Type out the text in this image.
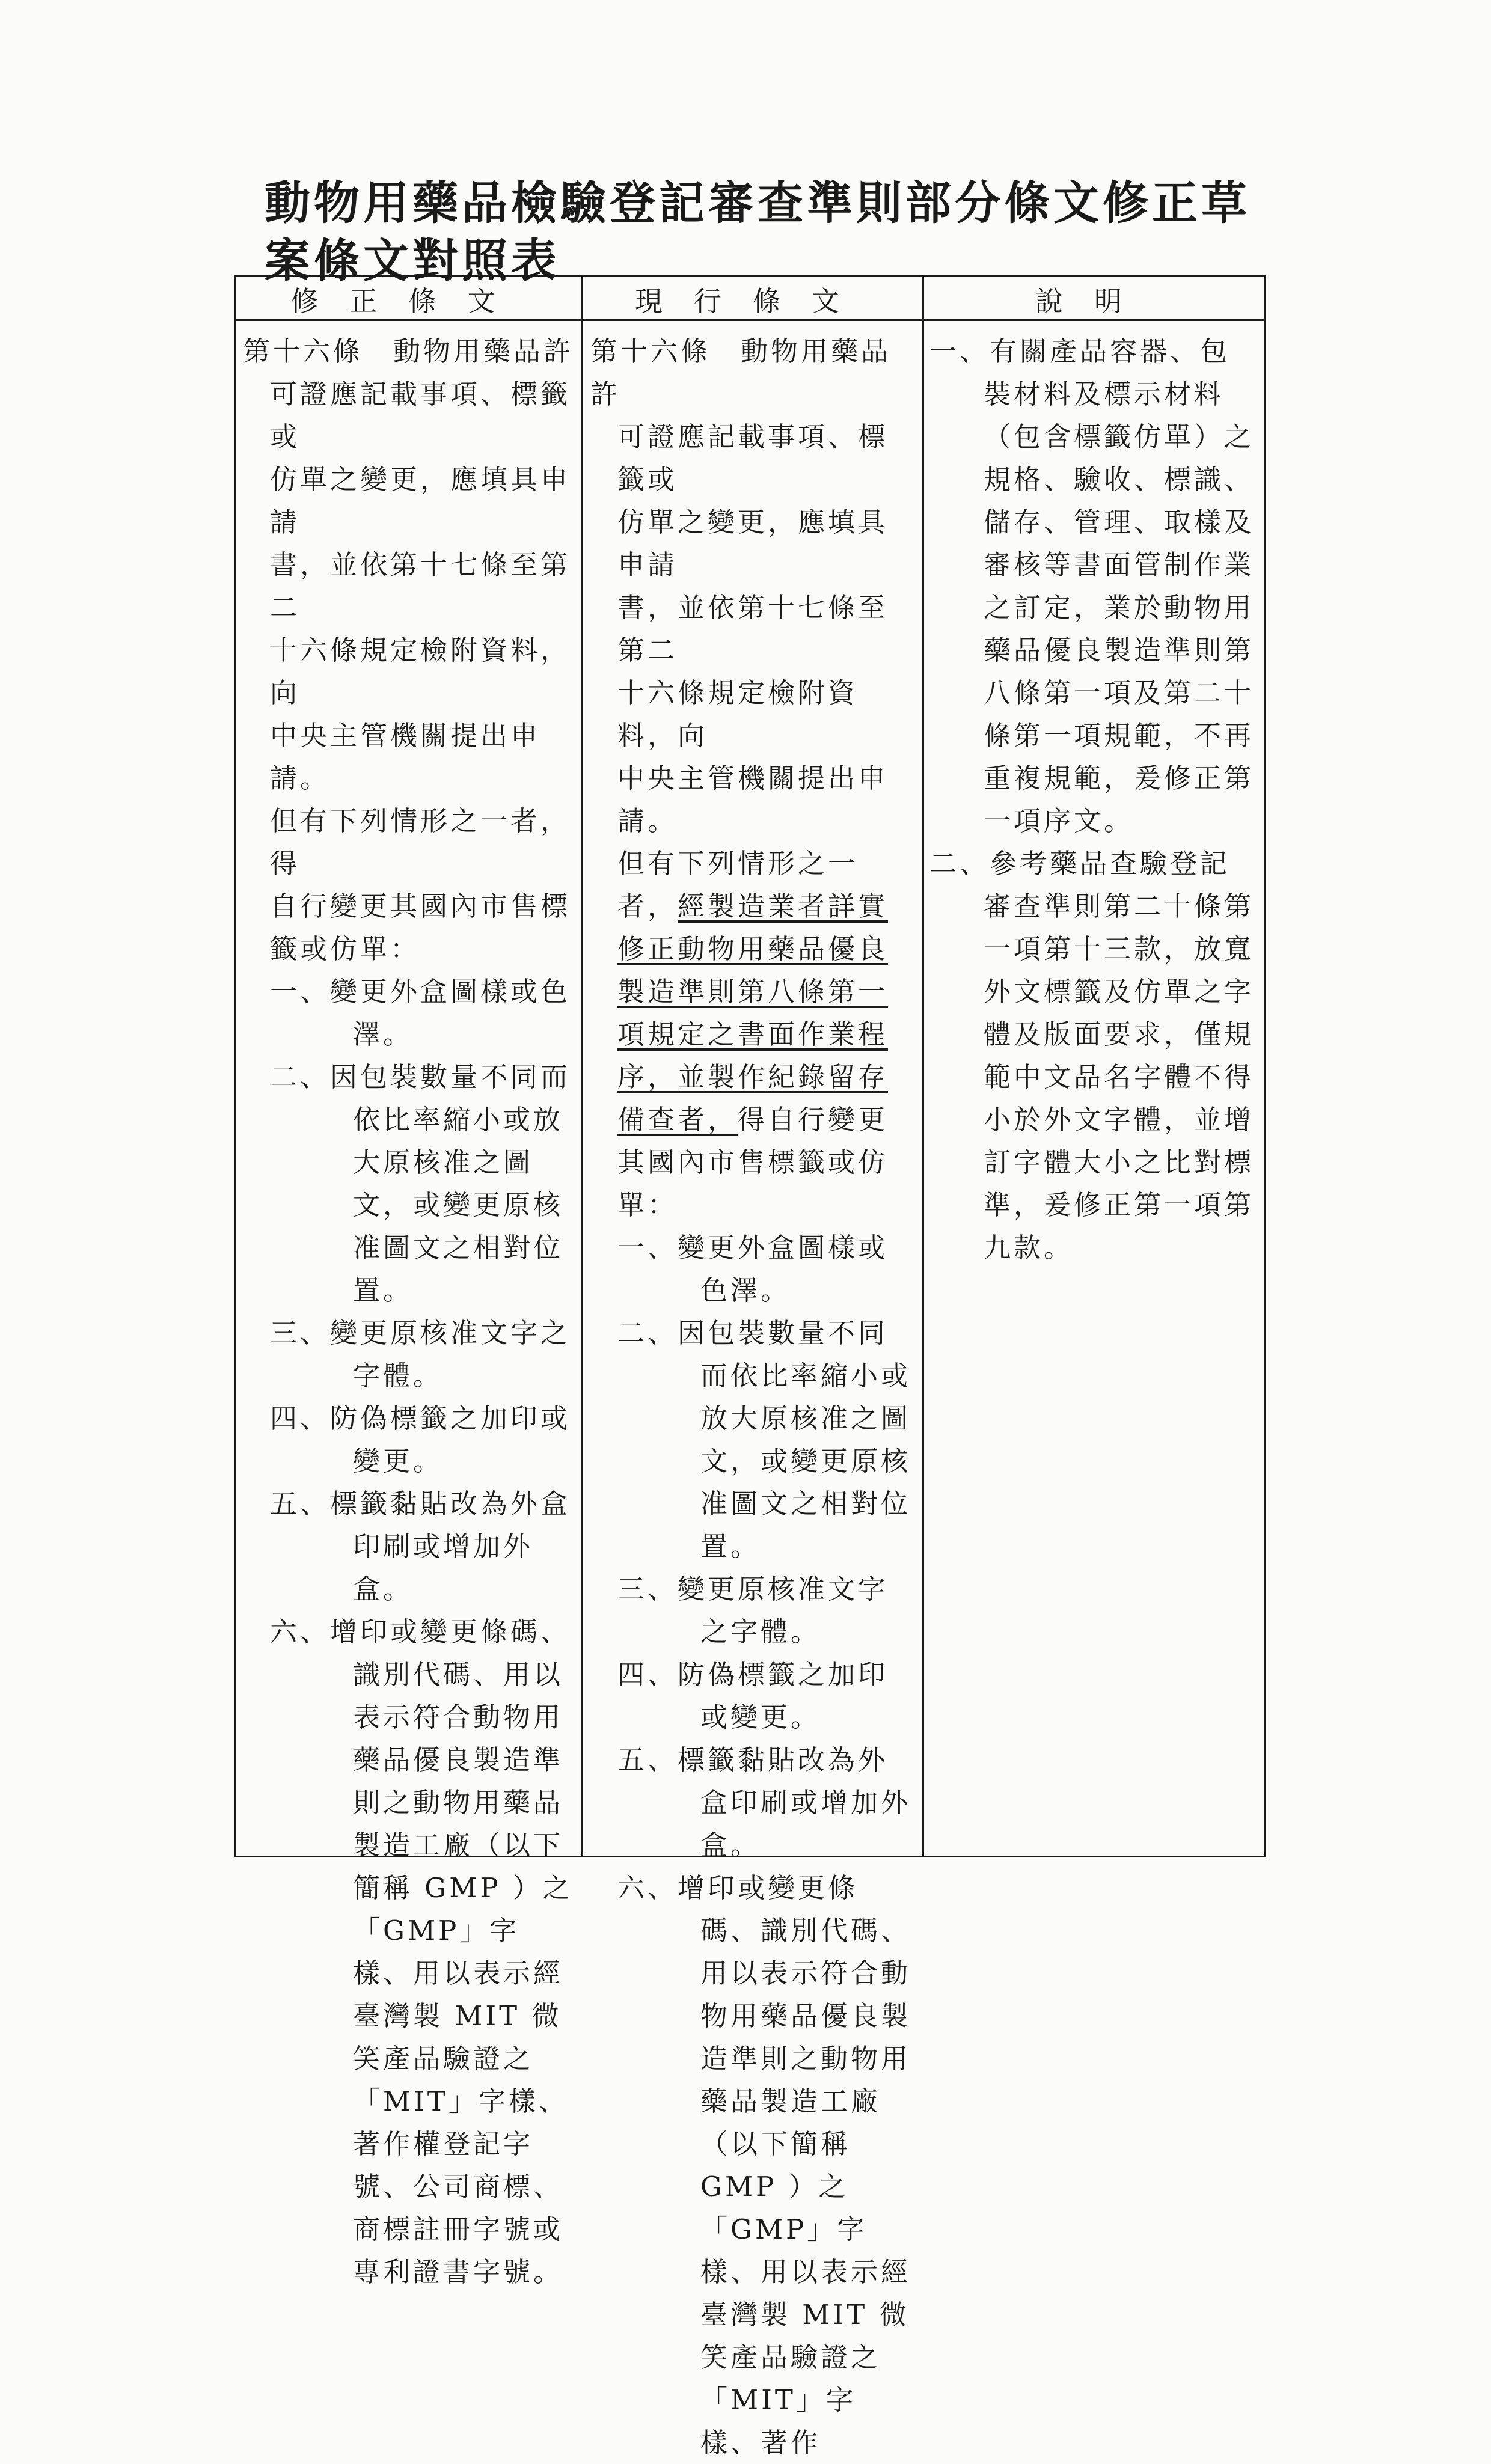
動物用藥品檢驗登記審查準則部分條文修正草
案條文對照表
修正條文	現行條文	說明

第十六條　動物用藥品許

可證應記載事項、標籤或

仿單之變更，應填具申請

書，並依第十七條至第二

十六條規定檢附資料，向

中央主管機關提出申請。

但有下列情形之一者，得

自行變更其國內市售標

籤或仿單：

一、變更外盒圖樣或色澤。

二、因包裝數量不同而依比率縮小或放大原核准之圖文，或變更原核准圖文之相對位置。

三、變更原核准文字之字體。

四、防偽標籤之加印或變更。

五、標籤黏貼改為外盒印刷或增加外盒。

六、增印或變更條碼、識別代碼、用以表示符合動物用藥品優良製造準則之動物用藥品製造工廠（以下簡稱 GMP ）之「GMP」字樣、用以表示經臺灣製 MIT 微笑產品驗證之「MIT」字樣、著作權登記字號、公司商標、商標註冊字號或專利證書字號。

第十六條　動物用藥品許

可證應記載事項、標籤或

仿單之變更，應填具申請

書，並依第十七條至第二

十六條規定檢附資料，向

中央主管機關提出申請。

但有下列情形之一者，經製造業者詳實修正動物用藥品優良製造準則第八條第一項規定之書面作業程序，並製作紀錄留存備查者，得自行變更其國內市售標籤或仿單：

一、變更外盒圖樣或色澤。

二、因包裝數量不同而依比率縮小或放大原核准之圖文，或變更原核准圖文之相對位置。

三、變更原核准文字之字體。

四、防偽標籤之加印或變更。

五、標籤黏貼改為外盒印刷或增加外盒。

六、增印或變更條碼、識別代碼、用以表示符合動物用藥品優良製造準則之動物用藥品製造工廠（以下簡稱 GMP ）之「GMP」字樣、用以表示經臺灣製 MIT 微笑產品驗證之「MIT」字樣、著作

一、有關產品容器、包裝材料及標示材料（包含標籤仿單）之規格、驗收、標識、儲存、管理、取樣及審核等書面管制作業之訂定，業於動物用藥品優良製造準則第八條第一項及第二十條第一項規範，不再重複規範，爰修正第一項序文。

二、參考藥品查驗登記審查準則第二十條第一項第十三款，放寬外文標籤及仿單之字體及版面要求，僅規範中文品名字體不得小於外文字體，並增訂字體大小之比對標準，爰修正第一項第九款。
